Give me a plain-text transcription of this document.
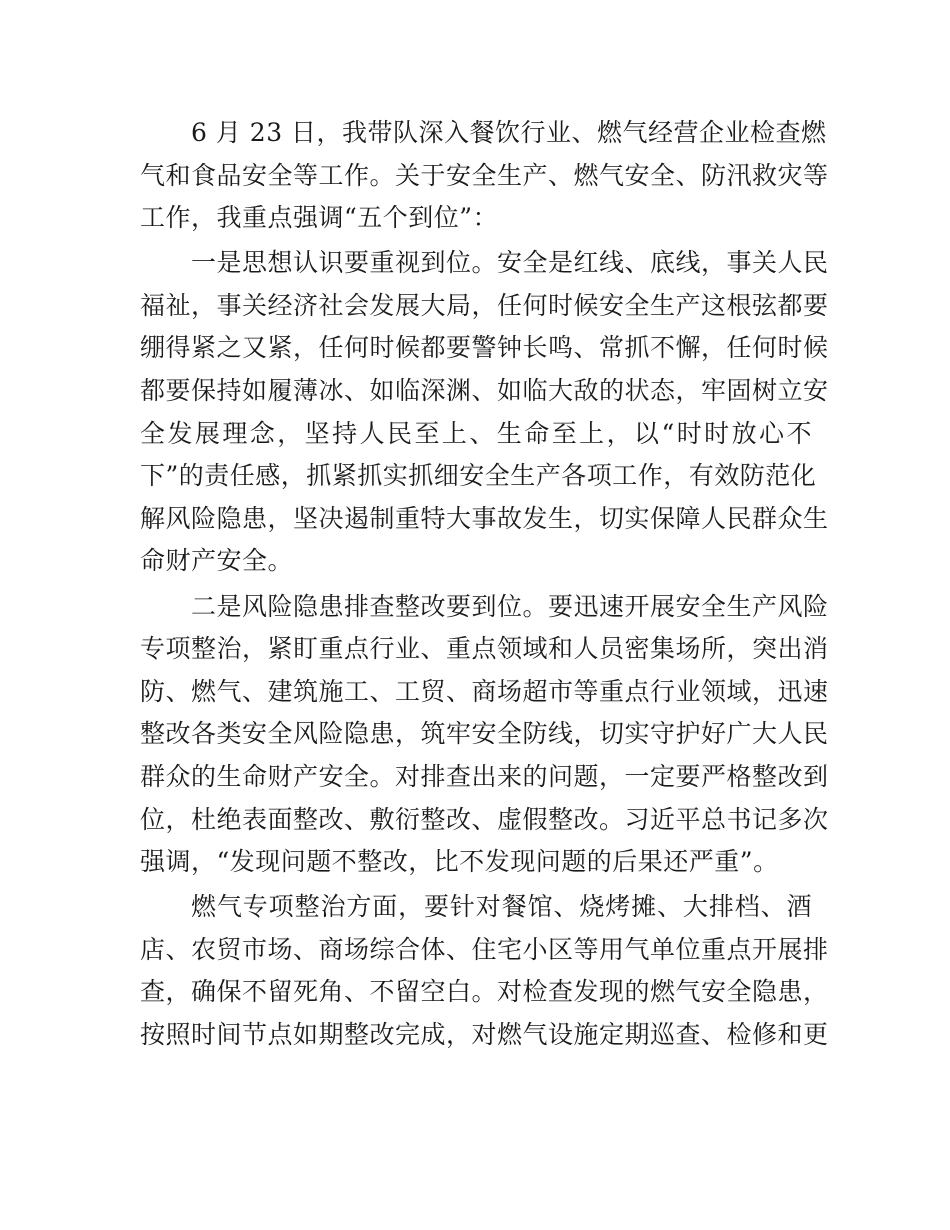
6 月 23 日，我带队深入餐饮行业、燃气经营企业检查燃
气和食品安全等工作。关于安全生产、燃气安全、防汛救灾等
工作，我重点强调“五个到位”：
一是思想认识要重视到位。安全是红线、底线，事关人民
福祉，事关经济社会发展大局，任何时候安全生产这根弦都要
绷得紧之又紧，任何时候都要警钟长鸣、常抓不懈，任何时候
都要保持如履薄冰、如临深渊、如临大敌的状态，牢固树立安
全发展理念，坚持人民至上、生命至上，以“时时放心不
下”的责任感，抓紧抓实抓细安全生产各项工作，有效防范化
解风险隐患，坚决遏制重特大事故发生，切实保障人民群众生
命财产安全。
二是风险隐患排查整改要到位。要迅速开展安全生产风险
专项整治，紧盯重点行业、重点领域和人员密集场所，突出消
防、燃气、建筑施工、工贸、商场超市等重点行业领域，迅速
整改各类安全风险隐患，筑牢安全防线，切实守护好广大人民
群众的生命财产安全。对排查出来的问题，一定要严格整改到
位，杜绝表面整改、敷衍整改、虚假整改。习近平总书记多次
强调，“发现问题不整改，比不发现问题的后果还严重”。
燃气专项整治方面，要针对餐馆、烧烤摊、大排档、酒
店、农贸市场、商场综合体、住宅小区等用气单位重点开展排
查，确保不留死角、不留空白。对检查发现的燃气安全隐患，
按照时间节点如期整改完成，对燃气设施定期巡查、检修和更
